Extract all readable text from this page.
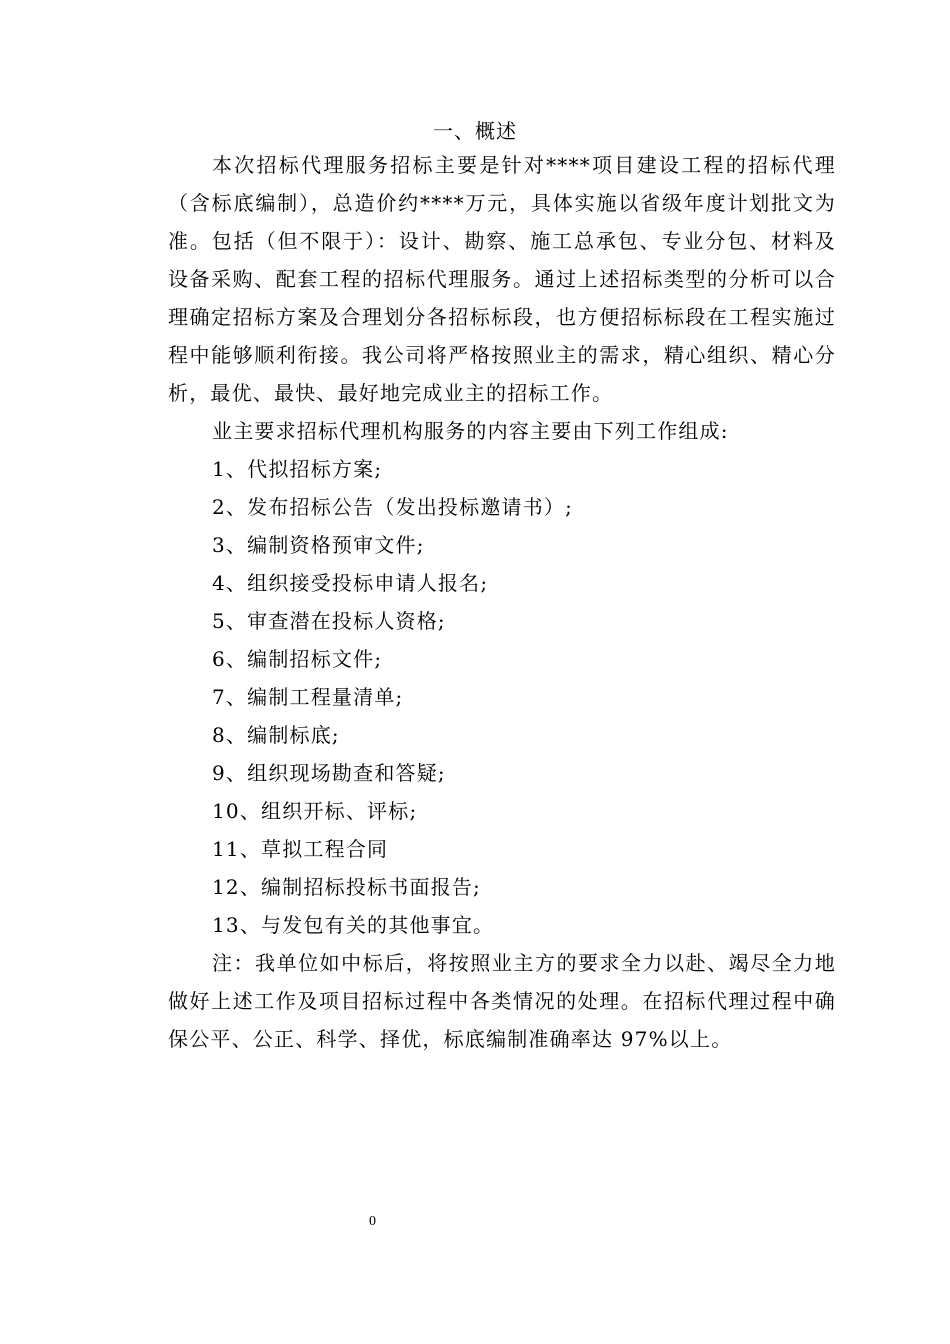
一、概述

本次招标代理服务招标主要是针对****项目建设工程的招标代理（含标底编制），总造价约****万元，具体实施以省级年度计划批文为准。包括（但不限于）：设计、勘察、施工总承包、专业分包、材料及设备采购、配套工程的招标代理服务。通过上述招标类型的分析可以合理确定招标方案及合理划分各招标标段，也方便招标标段在工程实施过程中能够顺利衔接。我公司将严格按照业主的需求，精心组织、精心分析，最优、最快、最好地完成业主的招标工作。

业主要求招标代理机构服务的内容主要由下列工作组成:

1、代拟招标方案;
2、发布招标公告（发出投标邀请书）;
3、编制资格预审文件;
4、组织接受投标申请人报名;
5、审查潜在投标人资格;
6、编制招标文件;
7、编制工程量清单;
8、编制标底;
9、组织现场勘查和答疑;
10、组织开标、评标;
11、草拟工程合同
12、编制招标投标书面报告;
13、与发包有关的其他事宜。

注：我单位如中标后，将按照业主方的要求全力以赴、竭尽全力地做好上述工作及项目招标过程中各类情况的处理。在招标代理过程中确保公平、公正、科学、择优，标底编制准确率达 97%以上。

0
